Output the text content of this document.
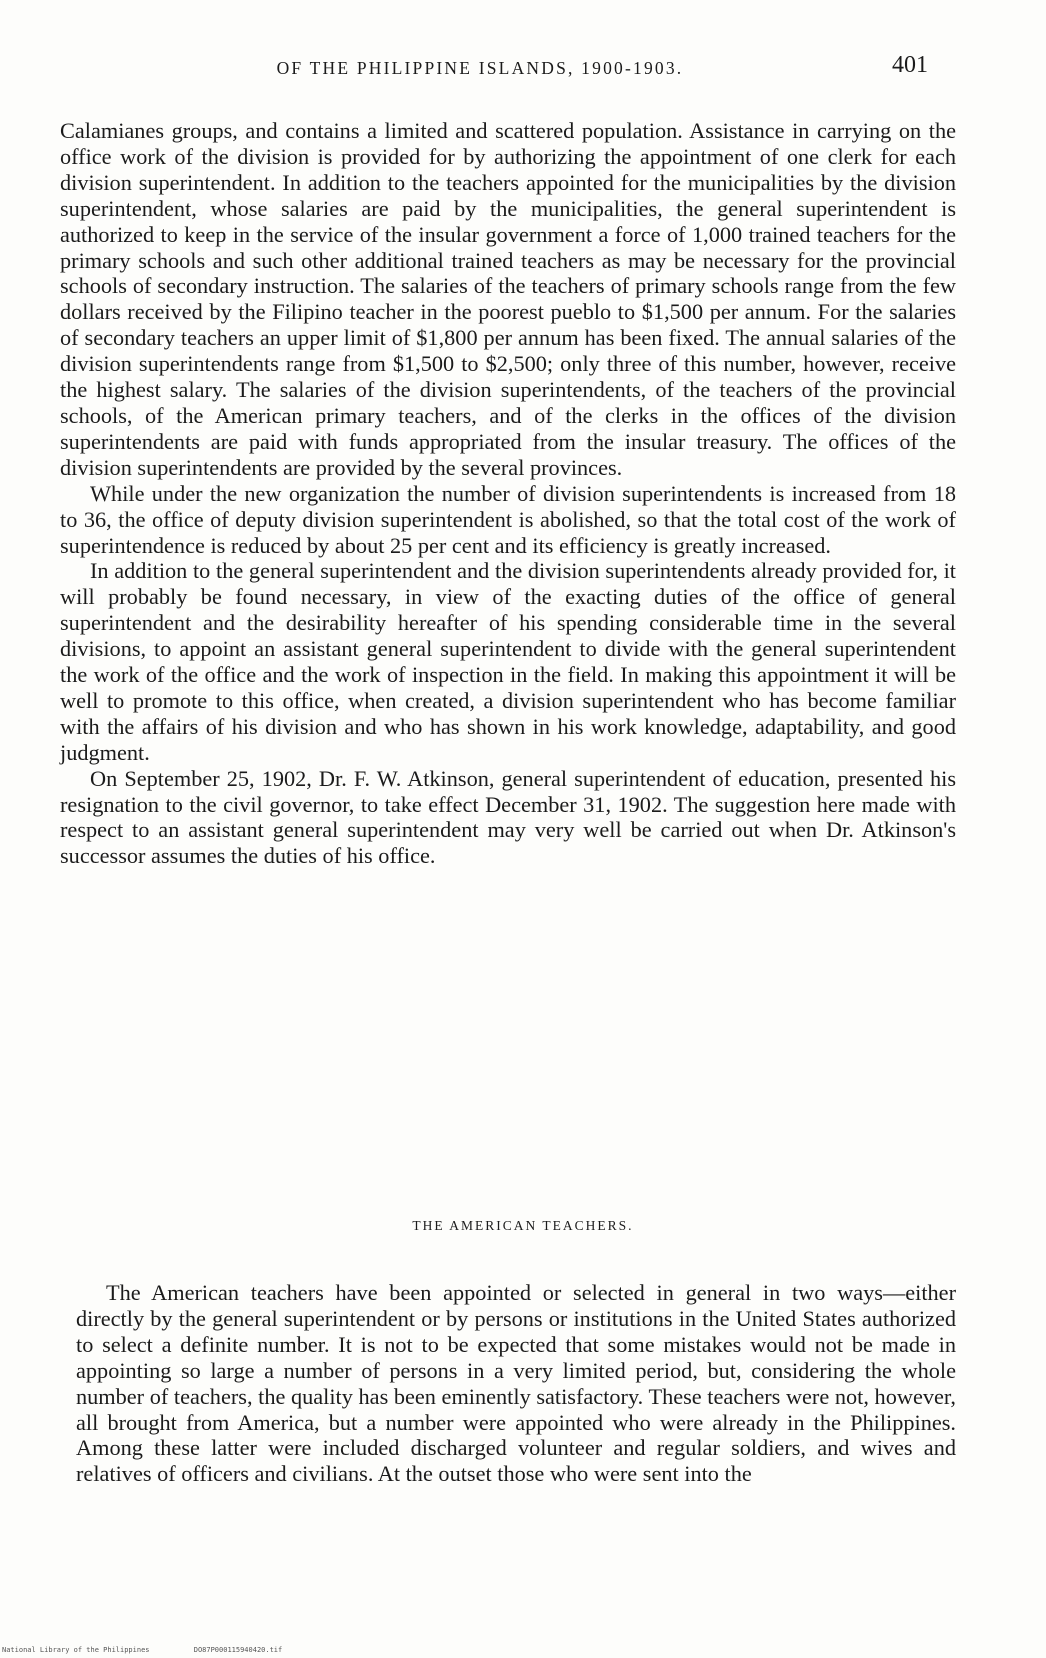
OF THE PHILIPPINE ISLANDS, 1900-1903.	401

Calamianes groups, and contains a limited and scattered population. Assistance in carrying on the office work of the division is provided for by authorizing the appointment of one clerk for each division superintendent. In addition to the teachers appointed for the municipalities by the division superintendent, whose salaries are paid by the municipalities, the general superintendent is authorized to keep in the service of the insular government a force of 1,000 trained teachers for the primary schools and such other additional trained teachers as may be necessary for the provincial schools of secondary instruction. The salaries of the teachers of primary schools range from the few dollars received by the Filipino teacher in the poorest pueblo to $1,500 per annum. For the salaries of secondary teachers an upper limit of $1,800 per annum has been fixed. The annual salaries of the division superintendents range from $1,500 to $2,500; only three of this number, however, receive the highest salary. The salaries of the division superintendents, of the teachers of the provincial schools, of the American primary teachers, and of the clerks in the offices of the division superintendents are paid with funds appropriated from the insular treasury. The offices of the division superintendents are provided by the several provinces.

While under the new organization the number of division superintendents is increased from 18 to 36, the office of deputy division superintendent is abolished, so that the total cost of the work of superintendence is reduced by about 25 per cent and its efficiency is greatly increased.

In addition to the general superintendent and the division superintendents already provided for, it will probably be found necessary, in view of the exacting duties of the office of general superintendent and the desirability hereafter of his spending considerable time in the several divisions, to appoint an assistant general superintendent to divide with the general superintendent the work of the office and the work of inspection in the field. In making this appointment it will be well to promote to this office, when created, a division superintendent who has become familiar with the affairs of his division and who has shown in his work knowledge, adaptability, and good judgment.

On September 25, 1902, Dr. F. W. Atkinson, general superintendent of education, presented his resignation to the civil governor, to take effect December 31, 1902. The suggestion here made with respect to an assistant general superintendent may very well be carried out when Dr. Atkinson's successor assumes the duties of his office.

THE AMERICAN TEACHERS.

The American teachers have been appointed or selected in general in two ways—either directly by the general superintendent or by persons or institutions in the United States authorized to select a definite number. It is not to be expected that some mistakes would not be made in appointing so large a number of persons in a very limited period, but, considering the whole number of teachers, the quality has been eminently satisfactory. These teachers were not, however, all brought from America, but a number were appointed who were already in the Philippines. Among these latter were included discharged volunteer and regular soldiers, and wives and relatives of officers and civilians. At the outset those who were sent into the

National Library of the Philippines	DO87P000115940420.tif
